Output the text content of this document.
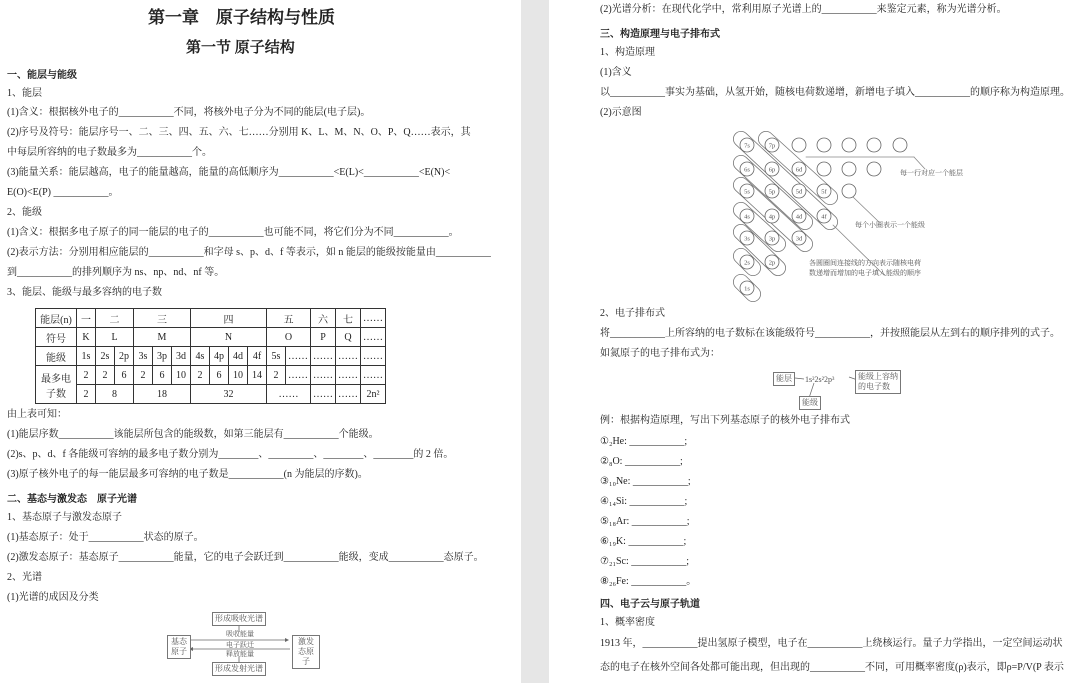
第一章　原子结构与性质
第一节 原子结构
一、能层与能级
1、能层
(1)含义：根据核外电子的___________不同，将核外电子分为不同的能层(电子层)。
(2)序号及符号：能层序号一、二、三、四、五、六、七……分别用 K、L、M、N、O、P、Q……表示，其
中每层所容纳的电子数最多为___________个。
(3)能量关系：能层越高，电子的能量越高，能量的高低顺序为___________<E(L)<___________<E(N)<
E(O)<E(P) ___________。
2、能级
(1)含义：根据多电子原子的同一能层的电子的___________也可能不同，将它们分为不同___________。
(2)表示方法：分别用相应能层的___________和字母 s、p、d、f 等表示，如 n 能层的能级按能量由___________
到___________的排列顺序为 ns、np、nd、nf 等。
3、能层、能级与最多容纳的电子数
能层(n)	一	二		三			四				五		六	七	……
符号	K	L		M			N				O		P	Q	……
能级	1s	2s	2p	3s	3p	3d	4s	4p	4d	4f	5s	……	……	……	……
最多电子数	2	2	6	2	6	10	2	6	10	14	2	……	……	……	……
	2	8		18			32				……		……	……	2n²
由上表可知：
(1)能层序数___________该能层所包含的能级数，如第三能层有___________个能级。
(2)s、p、d、f 各能级可容纳的最多电子数分别为________、_________、________、________的 2 倍。
(3)原子核外电子的每一能层最多可容纳的电子数是___________(n 为能层的序数)。
二、基态与激发态　原子光谱
1、基态原子与激发态原子
(1)基态原子：处于___________状态的原子。
(2)激发态原子：基态原子___________能量，它的电子会跃迁到___________能级，变成___________态原子。
2、光谱
(1)光谱的成因及分类
形成吸收光谱
基态原子
激发态原子
吸收能量
电子跃迁
释放能量
形成发射光谱
(2)光谱分析：在现代化学中，常利用原子光谱上的___________来鉴定元素，称为光谱分析。
三、构造原理与电子排布式
1、构造原理
(1)含义
以___________事实为基础，从氢开始，随核电荷数递增，新增电子填入___________的顺序称为构造原理。
(2)示意图
7s	7p
6s	6p	6d
5s	5p	5d	5f
4s	4p	4d	4f
3s	3p	3d
2s	2p
1s
每一行对应一个能层
每个小圈表示一个能级
各圆圈间连接线的方向表示随核电荷
数递增而增加的电子填入能级的顺序
2、电子排布式
将___________上所容纳的电子数标在该能级符号___________，并按照能层从左到右的顺序排列的式子。
如氮原子的电子排布式为：
能层	1s²2s²2p³	能级上容纳
的电子数
能级
例：根据构造原理，写出下列基态原子的核外电子排布式
①₂He: ___________;
②₈O: ___________;
③₁₀Ne: ___________;
④₁₄Si: ___________;
⑤₁₈Ar: ___________;
⑥₁₉K: ___________;
⑦₂₁Sc: ___________;
⑧₂₆Fe: ___________。
四、电子云与原子轨道
1、概率密度
1913 年，___________提出氢原子模型，电子在___________上绕核运行。量子力学指出，一定空间运动状
态的电子在核外空间各处都可能出现，但出现的___________不同，可用概率密度(ρ)表示，即ρ=P/V(P 表示
